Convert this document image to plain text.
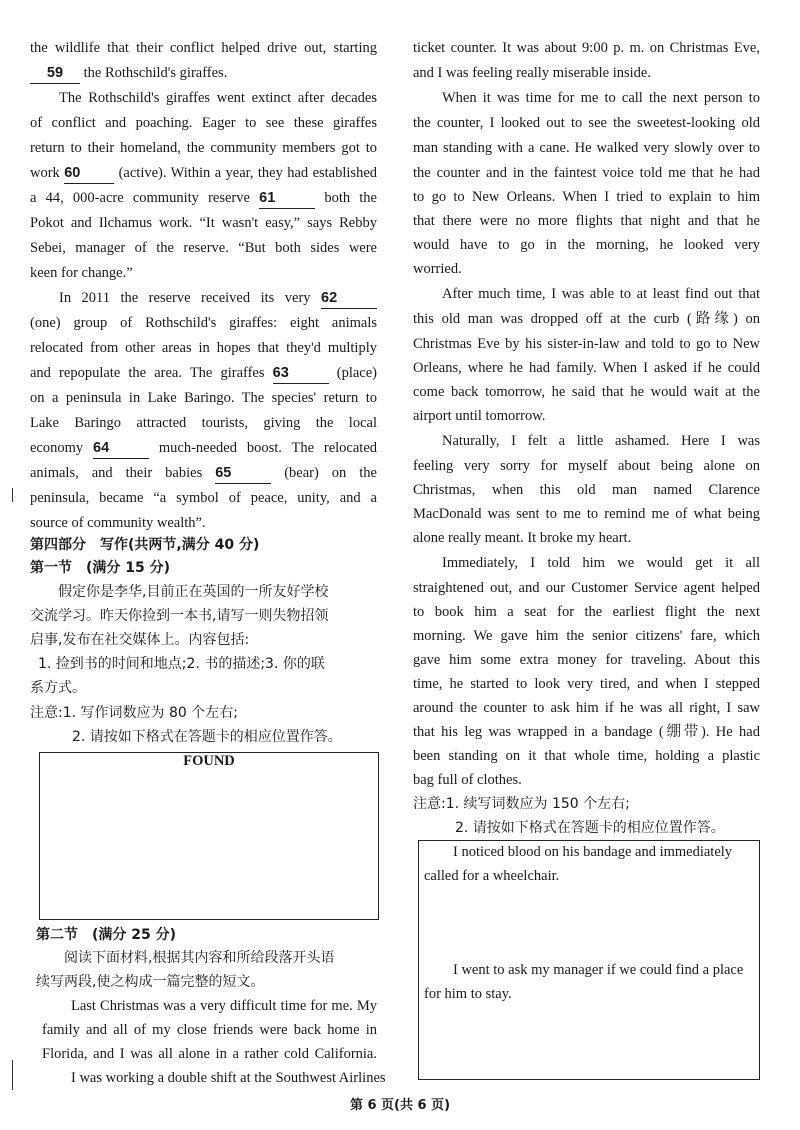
the wildlife that their conflict helped drive out, starting
59 the Rothschild's giraffes.
The Rothschild's giraffes went extinct after decades
of conflict and poaching. Eager to see these giraffes
return to their homeland, the community members got to
work 60	(active). Within a year, they had established
a 44, 000-acre community reserve 61	both the
Pokot and Ilchamus work. “It wasn't easy,” says Rebby
Sebei, manager of the reserve. “But both sides were
keen for change.”
In 2011 the reserve received its very 62
(one) group of Rothschild's giraffes: eight animals
relocated from other areas in hopes that they'd multiply
and repopulate the area. The giraffes 63	(place)
on a peninsula in Lake Baringo. The species' return to
Lake Baringo attracted tourists, giving the local
economy 64	much-needed boost. The relocated
animals, and their babies 65	(bear) on the
peninsula, became “a symbol of peace, unity, and a
source of community wealth”.
第四部分　写作(共两节,满分 40 分)
第一节　(满分 15 分)
假定你是李华,目前正在英国的一所友好学校
交流学习。昨天你捡到一本书,请写一则失物招领
启事,发布在社交媒体上。内容包括:
1. 捡到书的时间和地点;2. 书的描述;3. 你的联
系方式。
注意:1. 写作词数应为 80 个左右;
2. 请按如下格式在答题卡的相应位置作答。
FOUND
第二节　(满分 25 分)
阅读下面材料,根据其内容和所给段落开头语
续写两段,使之构成一篇完整的短文。
Last Christmas was a very difficult time for me. My
family and all of my close friends were back home in
Florida, and I was all alone in a rather cold California.
I was working a double shift at the Southwest Airlines
ticket counter. It was about 9:00 p. m. on Christmas Eve,
and I was feeling really miserable inside.
When it was time for me to call the next person to
the counter, I looked out to see the sweetest-looking old
man standing with a cane. He walked very slowly over to
the counter and in the faintest voice told me that he had
to go to New Orleans. When I tried to explain to him
that there were no more flights that night and that he
would have to go in the morning, he looked very
worried.
After much time, I was able to at least find out that
this old man was dropped off at the curb (路缘) on
Christmas Eve by his sister-in-law and told to go to New
Orleans, where he had family. When I asked if he could
come back tomorrow, he said that he would wait at the
airport until tomorrow.
Naturally, I felt a little ashamed. Here I was
feeling very sorry for myself about being alone on
Christmas, when this old man named Clarence
MacDonald was sent to me to remind me of what being
alone really meant. It broke my heart.
Immediately, I told him we would get it all
straightened out, and our Customer Service agent helped
to book him a seat for the earliest flight the next
morning. We gave him the senior citizens' fare, which
gave him some extra money for traveling. About this
time, he started to look very tired, and when I stepped
around the counter to ask him if he was all right, I saw
that his leg was wrapped in a bandage (绷带). He had
been standing on it that whole time, holding a plastic
bag full of clothes.
注意:1. 续写词数应为 150 个左右;
2. 请按如下格式在答题卡的相应位置作答。
I noticed blood on his bandage and immediately
called for a wheelchair.
I went to ask my manager if we could find a place
for him to stay.
第 6 页(共 6 页)
